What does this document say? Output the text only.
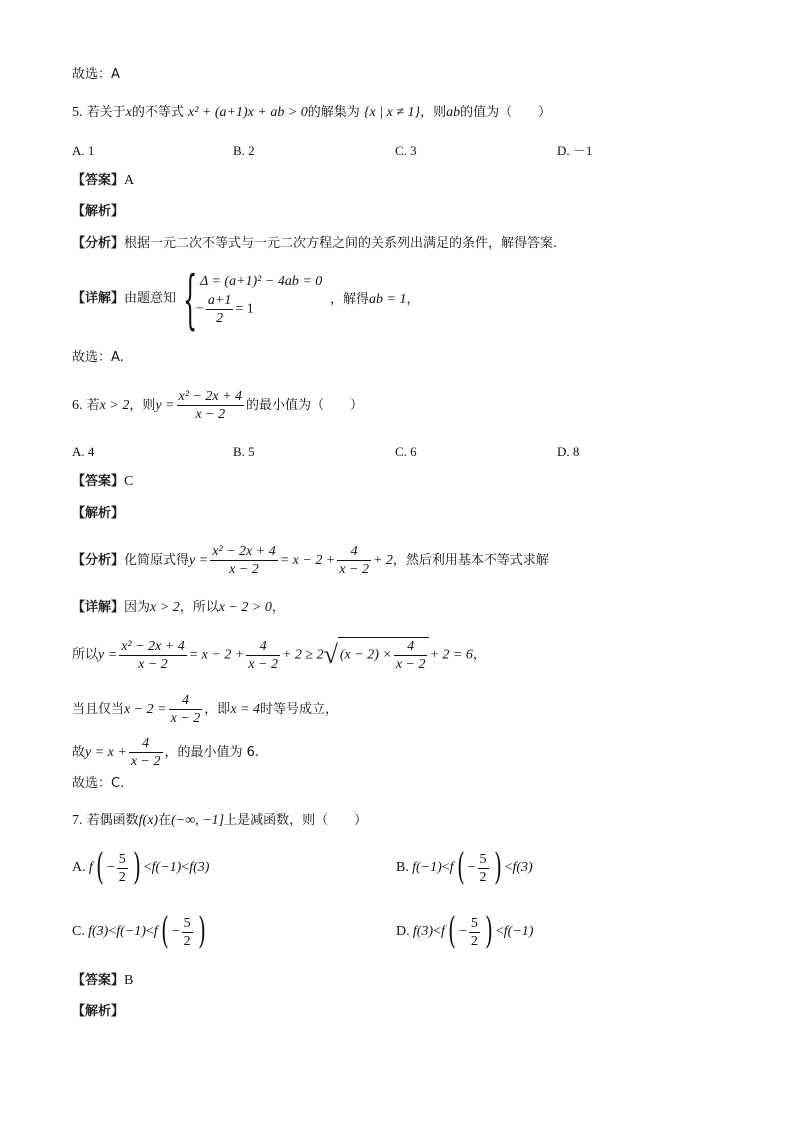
故选：A
5. 若关于x的不等式 x² + (a+1)x + ab > 0的解集为 {x | x ≠ 1}，则ab的值为（　　）
A. 1	B. 2	C. 3	D. －1
【答案】A
【解析】
【分析】根据一元二次不等式与一元二次方程之间的关系列出满足的条件，解得答案.
【详解】由题意知 { Δ = (a+1)² − 4ab = 0
− $\frac{a+1}{2} = 1$
，解得ab = 1，
故选：A.
6. 若x > 2，则$y = \frac{\text{x² − 2x + 4}}{x - 2}$ 的最小值为（　　）
A. 4	B. 5	C. 6	D. 8
【答案】C
【解析】
【分析】化简原式得$y = \frac{\text{x² − 2x + 4}}{x - 2} = x - 2 + \frac{4}{x - 2} + 2$，然后利用基本不等式求解
【详解】因为x > 2，所以x − 2 > 0，
所以$y = \frac{\text{x² − 2x + 4}}{x - 2} = x - 2 + \frac{4}{x - 2} + 2 \ge 2√$ $(x - 2) \times \frac{4}{x - 2} + 2 = 6$，
当且仅当$x - 2 = \frac{4}{x - 2}$ ，即x = 4时等号成立，
故$y = x + \frac{4}{x - 2}$ ，的最小值为 6.
故选：C.
7. 若偶函数f(x)在(−∞, −1]上是减函数，则（　　）
A. $f( - \frac{5}{2}$ ) <f(−1)<f(3)	B. $f(-1)<f( - \frac{5}{2}$ ) <f(3)
C. $f(3)<f(-1)<f( - \frac{5}{2}$ )	D. $f(3)<f( - \frac{5}{2}$ ) <f(−1)
【答案】B
【解析】
